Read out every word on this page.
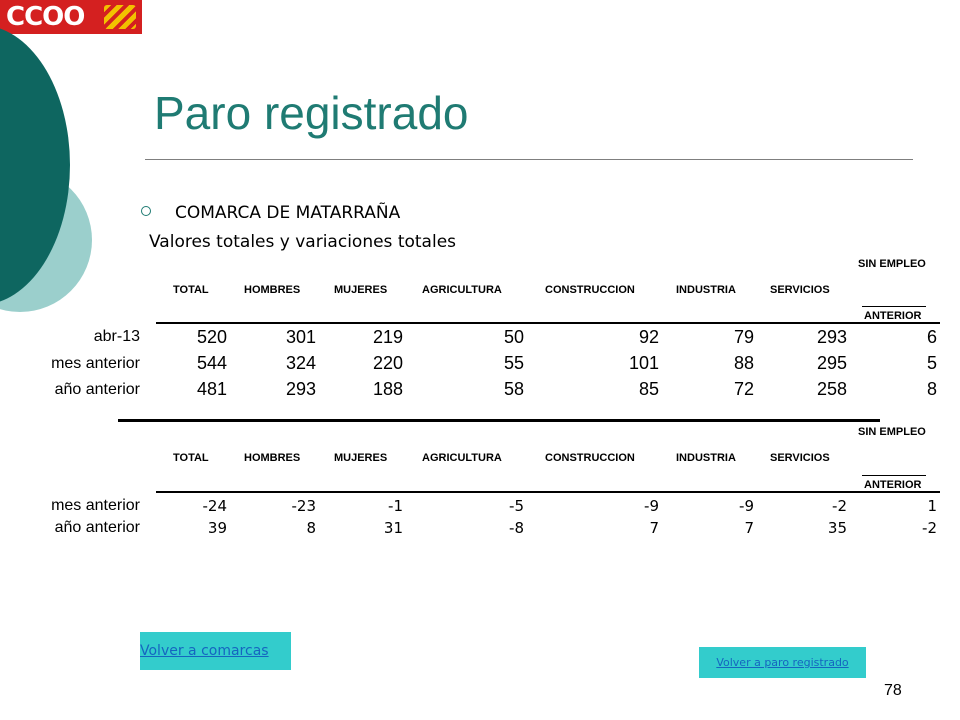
CCOO
Paro registrado
COMARCA DE MATARRAÑA
Valores totales y variaciones totales
SIN EMPLEO
TOTAL	HOMBRES	MUJERES	AGRICULTURA	CONSTRUCCION	INDUSTRIA	SERVICIOS
ANTERIOR
abr-13	520	301	219	50	92	79	293	6
mes anterior	544	324	220	55	101	88	295	5
año anterior	481	293	188	58	85	72	258	8
SIN EMPLEO
TOTAL	HOMBRES	MUJERES	AGRICULTURA	CONSTRUCCION	INDUSTRIA	SERVICIOS
ANTERIOR
mes anterior	-24	-23	-1	-5	-9	-9	-2	1
año anterior	39	8	31	-8	7	7	35	-2
Volver a comarcas
Volver a paro registrado
78
